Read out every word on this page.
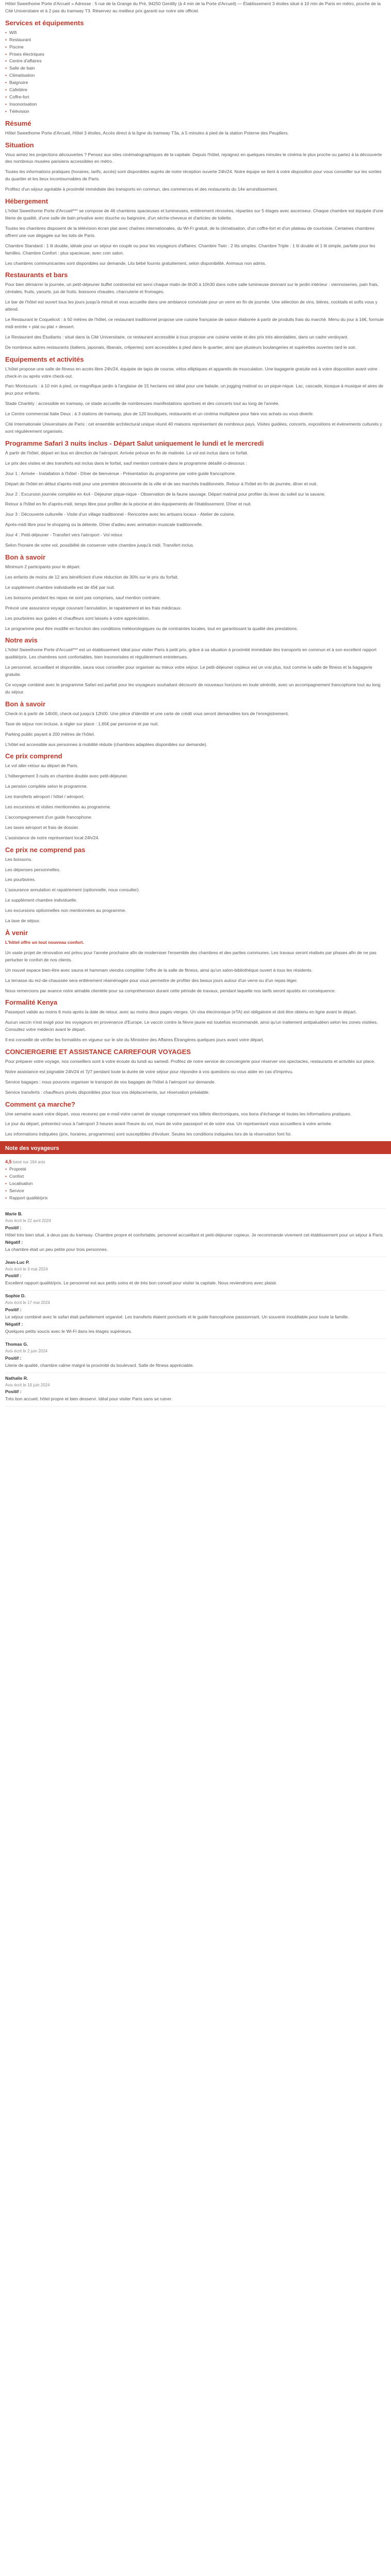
Hôtel Sweethome Porte d'Arcueil » Adresse : 5 rue de la Grange du Pré, 94250 Gentilly (à 4 min de la Porte d'Arcueil) — Établissement 3 étoiles situé à 10 min de Paris en métro, proche de la Cité Universitaire et à 2 pas du tramway T3. Réservez au meilleur prix garanti sur notre site officiel.

Services et équipements
• Wifi
• Restaurant
• Piscine
• Prises électriques
• Centre d'affaires
• Salle de bain
• Climatisation
• Baignoire
• Cafetière
• Coffre-fort
• Insonorisation
• Télévision
Résumé

Hôtel Sweethome Porte d'Arcueil, Hôtel 3 étoiles, Accès direct à la ligne du tramway T3a, à 5 minutes à pied de la station Poterne des Peupliers.

Situation

Vous aimez les projections découvertes ? Pensez aux sites cinématographiques de la capitale. Depuis l'hôtel, rejoignez en quelques minutes le cinéma le plus proche ou partez à la découverte des nombreux musées parisiens accessibles en métro.

Toutes les informations pratiques (horaires, tarifs, accès) sont disponibles auprès de notre réception ouverte 24h/24. Notre équipe se tient à votre disposition pour vous conseiller sur les sorties du quartier et les lieux incontournables de Paris.

Profitez d'un séjour agréable à proximité immédiate des transports en commun, des commerces et des restaurants du 14e arrondissement.

Hébergement

L'hôtel Sweethome Porte d'Arcueil*** se compose de 46 chambres spacieuses et lumineuses, entièrement rénovées, réparties sur 5 étages avec ascenseur. Chaque chambre est équipée d'une literie de qualité, d'une salle de bain privative avec douche ou baignoire, d'un sèche-cheveux et d'articles de toilette.

Toutes les chambres disposent de la télévision écran plat avec chaînes internationales, du Wi-Fi gratuit, de la climatisation, d'un coffre-fort et d'un plateau de courtoisie. Certaines chambres offrent une vue dégagée sur les toits de Paris.

Chambre Standard : 1 lit double, idéale pour un séjour en couple ou pour les voyageurs d'affaires. Chambre Twin : 2 lits simples. Chambre Triple : 1 lit double et 1 lit simple, parfaite pour les familles. Chambre Confort : plus spacieuse, avec coin salon.

Les chambres communicantes sont disponibles sur demande. Lits bébé fournis gratuitement, selon disponibilité. Animaux non admis.

Restaurants et bars

Pour bien démarrer la journée, un petit-déjeuner buffet continental est servi chaque matin de 6h30 à 10h30 dans notre salle lumineuse donnant sur le jardin intérieur : viennoiseries, pain frais, céréales, fruits, yaourts, jus de fruits, boissons chaudes, charcuterie et fromages.

Le bar de l'hôtel est ouvert tous les jours jusqu'à minuit et vous accueille dans une ambiance conviviale pour un verre en fin de journée. Une sélection de vins, bières, cocktails et softs vous y attend.

Le Restaurant le Coquelicot : à 50 mètres de l'hôtel, ce restaurant traditionnel propose une cuisine française de saison élaborée à partir de produits frais du marché. Menu du jour à 16€, formule midi entrée + plat ou plat + dessert.

Le Restaurant des Étudiants : situé dans la Cité Universitaire, ce restaurant accessible à tous propose une cuisine variée et des prix très abordables, dans un cadre verdoyant.

De nombreux autres restaurants (italiens, japonais, libanais, crêperies) sont accessibles à pied dans le quartier, ainsi que plusieurs boulangeries et supérettes ouvertes tard le soir.

Equipements et activités

L'hôtel propose une salle de fitness en accès libre 24h/24, équipée de tapis de course, vélos elliptiques et appareils de musculation. Une bagagerie gratuite est à votre disposition avant votre check-in ou après votre check-out.

Parc Montsouris : à 10 min à pied, ce magnifique jardin à l'anglaise de 15 hectares est idéal pour une balade, un jogging matinal ou un pique-nique. Lac, cascade, kiosque à musique et aires de jeux pour enfants.

Stade Charléty : accessible en tramway, ce stade accueille de nombreuses manifestations sportives et des concerts tout au long de l'année.

Le Centre commercial Italie Deux : à 3 stations de tramway, plus de 120 boutiques, restaurants et un cinéma multiplexe pour faire vos achats ou vous divertir.

Cité Internationale Universitaire de Paris : cet ensemble architectural unique réunit 40 maisons représentant de nombreux pays. Visites guidées, concerts, expositions et événements culturels y sont régulièrement organisés.

Programme Safari 3 nuits inclus - Départ Salut uniquement le lundi et le mercredi

À partir de l'hôtel, départ en bus en direction de l'aéroport. Arrivée prévue en fin de matinée. Le vol est inclus dans ce forfait.

Le prix des visites et des transferts est inclus dans le forfait, sauf mention contraire dans le programme détaillé ci-dessous :

Jour 1 : Arrivée - Installation à l'hôtel - Dîner de bienvenue - Présentation du programme par votre guide francophone.

Départ de l'hôtel en début d'après-midi pour une première découverte de la ville et de ses marchés traditionnels. Retour à l'hôtel en fin de journée, dîner et nuit.

Jour 2 : Excursion journée complète en 4x4 - Déjeuner pique-nique - Observation de la faune sauvage. Départ matinal pour profiter du lever du soleil sur la savane.

Retour à l'hôtel en fin d'après-midi, temps libre pour profiter de la piscine et des équipements de l'établissement. Dîner et nuit.

Jour 3 : Découverte culturelle - Visite d'un village traditionnel - Rencontre avec les artisans locaux - Atelier de cuisine.

Après-midi libre pour le shopping ou la détente. Dîner d'adieu avec animation musicale traditionnelle.

Jour 4 : Petit-déjeuner - Transfert vers l'aéroport - Vol retour.

Selon l'horaire de votre vol, possibilité de conserver votre chambre jusqu'à midi. Transfert inclus.

Bon à savoir

Minimum 2 participants pour le départ.

Les enfants de moins de 12 ans bénéficient d'une réduction de 30% sur le prix du forfait.

Le supplément chambre individuelle est de 45€ par nuit.

Les boissons pendant les repas ne sont pas comprises, sauf mention contraire.

Prévoir une assurance voyage couvrant l'annulation, le rapatriement et les frais médicaux.

Les pourboires aux guides et chauffeurs sont laissés à votre appréciation.

Le programme peut être modifié en fonction des conditions météorologiques ou de contraintes locales, tout en garantissant la qualité des prestations.

Notre avis

L'hôtel Sweethome Porte d'Arcueil*** est un établissement idéal pour visiter Paris à petit prix, grâce à sa situation à proximité immédiate des transports en commun et à son excellent rapport qualité/prix. Les chambres sont confortables, bien insonorisées et régulièrement entretenues.

Le personnel, accueillant et disponible, saura vous conseiller pour organiser au mieux votre séjour. Le petit-déjeuner copieux est un vrai plus, tout comme la salle de fitness et la bagagerie gratuite.

Ce voyage combiné avec le programme Safari est parfait pour les voyageurs souhaitant découvrir de nouveaux horizons en toute sérénité, avec un accompagnement francophone tout au long du séjour.

Bon à savoir

Check-in à partir de 14h00, check-out jusqu'à 12h00. Une pièce d'identité et une carte de crédit vous seront demandées lors de l'enregistrement.

Taxe de séjour non incluse, à régler sur place : 1,65€ par personne et par nuit.

Parking public payant à 200 mètres de l'hôtel.

L'hôtel est accessible aux personnes à mobilité réduite (chambres adaptées disponibles sur demande).

Ce prix comprend

Le vol aller-retour au départ de Paris.

L'hébergement 3 nuits en chambre double avec petit-déjeuner.

La pension complète selon le programme.

Les transferts aéroport / hôtel / aéroport.

Les excursions et visites mentionnées au programme.

L'accompagnement d'un guide francophone.

Les taxes aéroport et frais de dossier.

L'assistance de notre représentant local 24h/24.

Ce prix ne comprend pas

Les boissons.

Les dépenses personnelles.

Les pourboires.

L'assurance annulation et rapatriement (optionnelle, nous consulter).

Le supplément chambre individuelle.

Les excursions optionnelles non mentionnées au programme.

La taxe de séjour.

À venir

L'hôtel offre un tout nouveau confort.

Un vaste projet de rénovation est prévu pour l'année prochaine afin de moderniser l'ensemble des chambres et des parties communes. Les travaux seront réalisés par phases afin de ne pas perturber le confort de nos clients.

Un nouvel espace bien-être avec sauna et hammam viendra compléter l'offre de la salle de fitness, ainsi qu'un salon-bibliothèque ouvert à tous les résidents.

La terrasse du rez-de-chaussée sera entièrement réaménagée pour vous permettre de profiter des beaux jours autour d'un verre ou d'un repas léger.

Nous remercions par avance notre aimable clientèle pour sa compréhension durant cette période de travaux, pendant laquelle nos tarifs seront ajustés en conséquence.

Formalité Kenya

Passeport valide au moins 6 mois après la date de retour, avec au moins deux pages vierges. Un visa électronique (eTA) est obligatoire et doit être obtenu en ligne avant le départ.

Aucun vaccin n'est exigé pour les voyageurs en provenance d'Europe. Le vaccin contre la fièvre jaune est toutefois recommandé, ainsi qu'un traitement antipaludéen selon les zones visitées. Consultez votre médecin avant le départ.

Il est conseillé de vérifier les formalités en vigueur sur le site du Ministère des Affaires Étrangères quelques jours avant votre départ.

CONCIERGERIE ET ASSISTANCE CARREFOUR VOYAGES

Pour préparer votre voyage, nos conseillers sont à votre écoute du lundi au samedi. Profitez de notre service de conciergerie pour réserver vos spectacles, restaurants et activités sur place.

Notre assistance est joignable 24h/24 et 7j/7 pendant toute la durée de votre séjour pour répondre à vos questions ou vous aider en cas d'imprévu.

Service bagages : nous pouvons organiser le transport de vos bagages de l'hôtel à l'aéroport sur demande.

Service transferts : chauffeurs privés disponibles pour tous vos déplacements, sur réservation préalable.

Comment ça marche?

Une semaine avant votre départ, vous recevrez par e-mail votre carnet de voyage comprenant vos billets électroniques, vos bons d'échange et toutes les informations pratiques.

Le jour du départ, présentez-vous à l'aéroport 3 heures avant l'heure du vol, muni de votre passeport et de votre visa. Un représentant vous accueillera à votre arrivée.

Les informations indiquées (prix, horaires, programmes) sont susceptibles d'évoluer. Seules les conditions indiquées lors de la réservation font foi.

Note des voyageurs
4,5 basé sur 164 avis
• Propreté
• Confort
• Localisation
• Service
• Rapport qualité/prix
Marie B.
Avis écrit le 22 avril 2024
Positif :
Hôtel très bien situé, à deux pas du tramway. Chambre propre et confortable, personnel accueillant et petit-déjeuner copieux. Je recommande vivement cet établissement pour un séjour à Paris.
Négatif :
La chambre était un peu petite pour trois personnes.
Jean-Luc P.
Avis écrit le 3 mai 2024
Positif :
Excellent rapport qualité/prix. Le personnel est aux petits soins et de très bon conseil pour visiter la capitale. Nous reviendrons avec plaisir.
Sophie D.
Avis écrit le 17 mai 2024
Positif :
Le séjour combiné avec le safari était parfaitement organisé. Les transferts étaient ponctuels et le guide francophone passionnant. Un souvenir inoubliable pour toute la famille.
Négatif :
Quelques petits soucis avec le Wi-Fi dans les étages supérieurs.
Thomas G.
Avis écrit le 2 juin 2024
Positif :
Literie de qualité, chambre calme malgré la proximité du boulevard. Salle de fitness appréciable.
Nathalie R.
Avis écrit le 19 juin 2024
Positif :
Très bon accueil, hôtel propre et bien desservi. Idéal pour visiter Paris sans se ruiner.
